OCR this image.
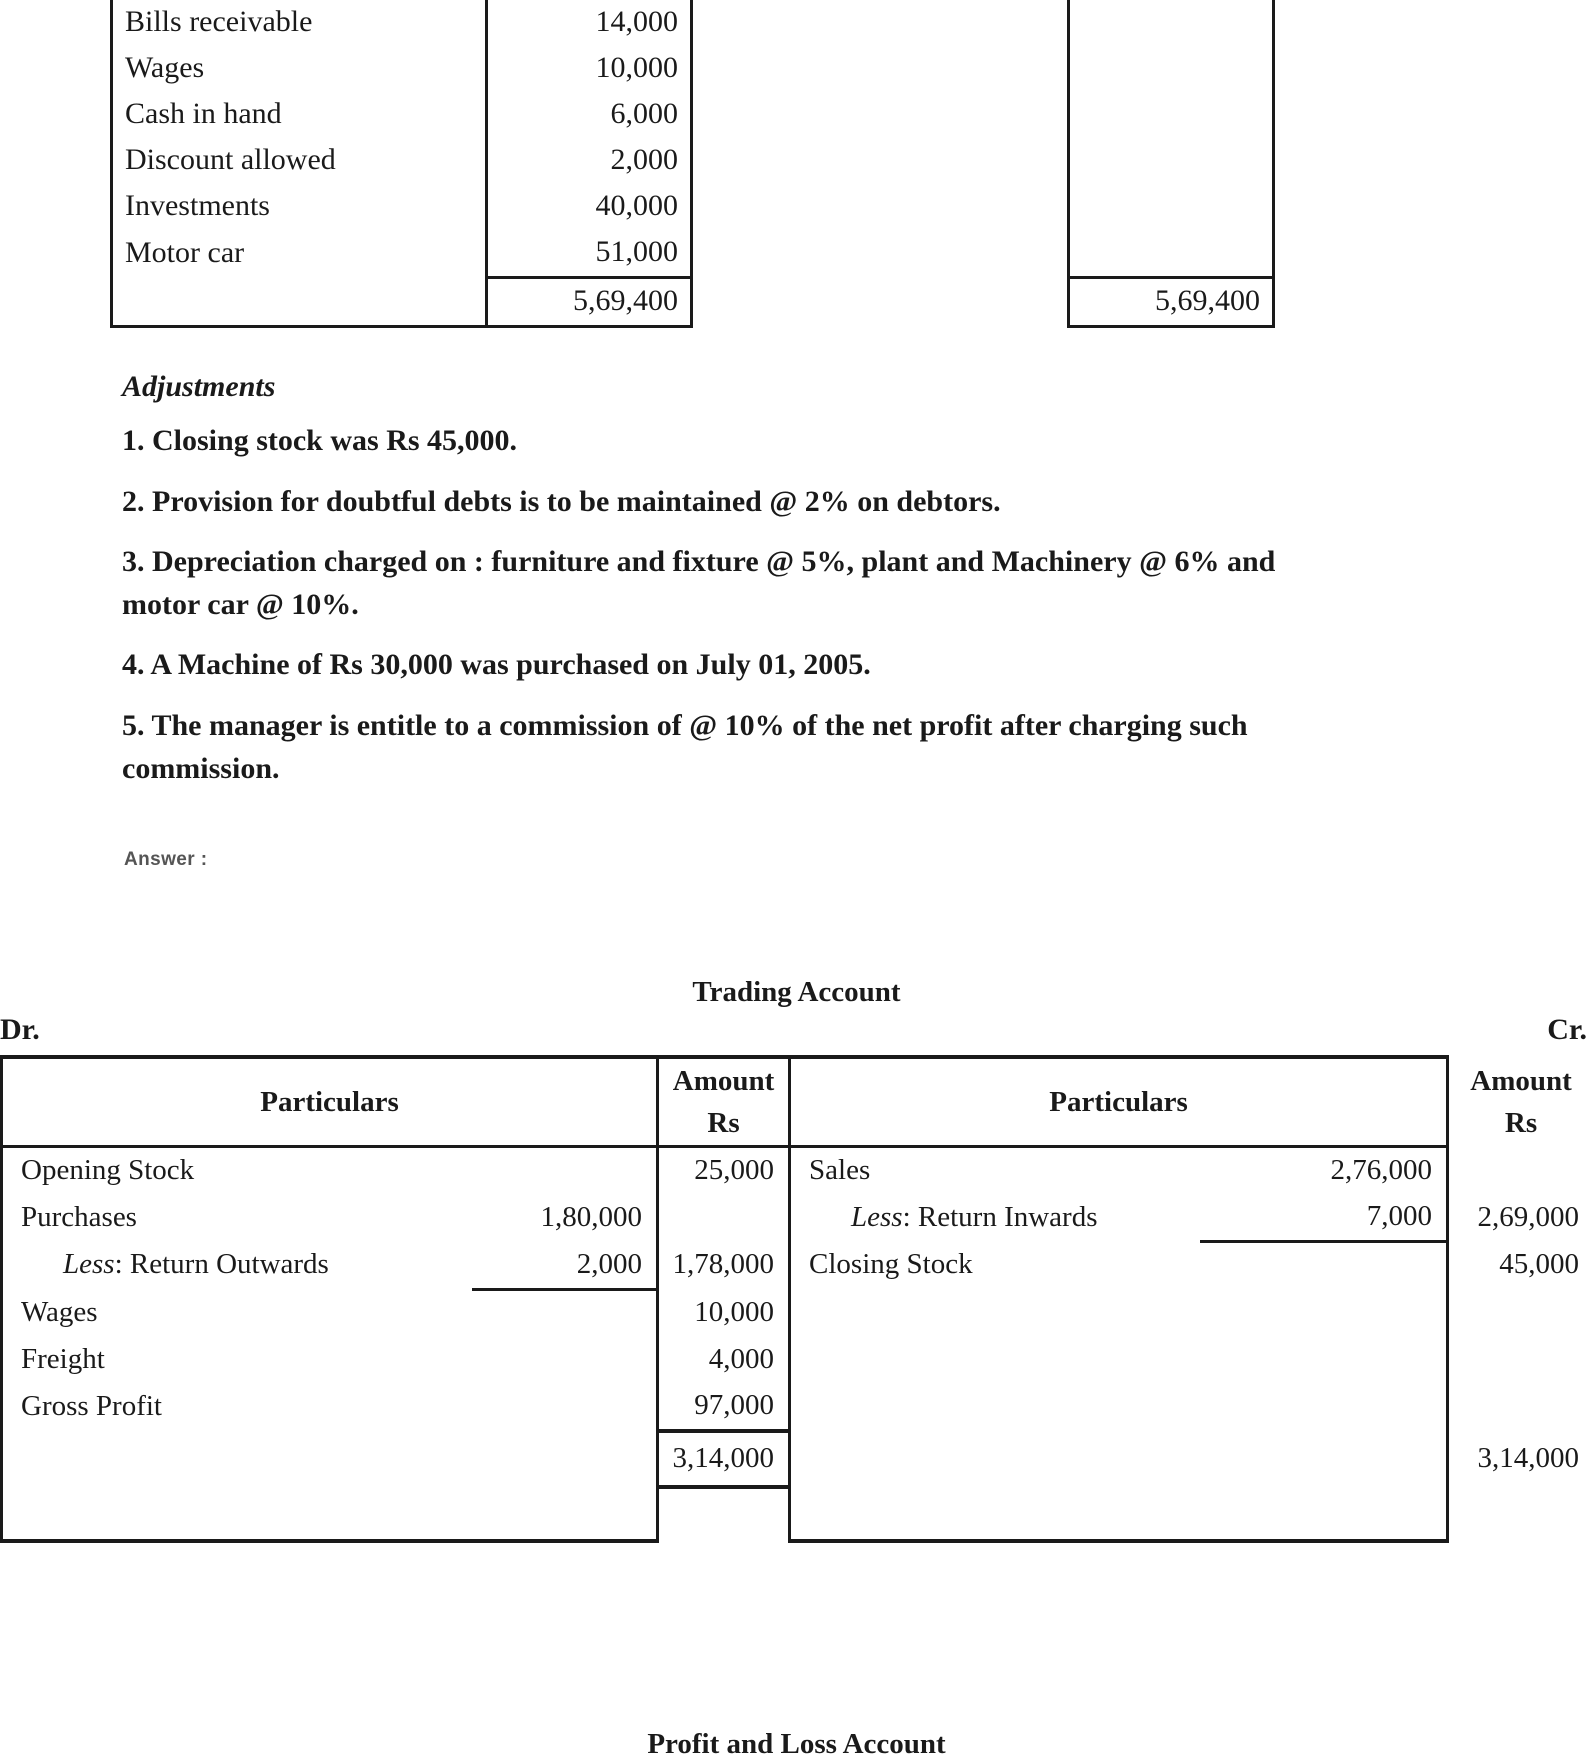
Bills receivable	14,000		
Wages	10,000		
Cash in hand	6,000		
Discount allowed	2,000		
Investments	40,000		
Motor car	51,000		
	5,69,400		5,69,400
Adjustments

1. Closing stock was Rs 45,000.

2. Provision for doubtful debts is to be maintained @ 2% on debtors.

3. Depreciation charged on : furniture and fixture @ 5%, plant and Machinery @ 6% and motor car @ 10%.

4. A Machine of Rs 30,000 was purchased on July 01, 2005.

5. The manager is entitle to a commission of @ 10% of the net profit after charging such commission.

Answer :
Trading Account
Dr.	Cr.
Particulars	
Amount
Rs
	Particulars	
Amount
Rs

Opening Stock		25,000	Sales	2,76,000	
Purchases	1,80,000		Less: Return Inwards	7,000	2,69,000
Less: Return Outwards	2,000	1,78,000	Closing Stock		45,000
Wages		10,000			
Freight		4,000			
Gross Profit		97,000			
		3,14,000			3,14,000

Profit and Loss Account
